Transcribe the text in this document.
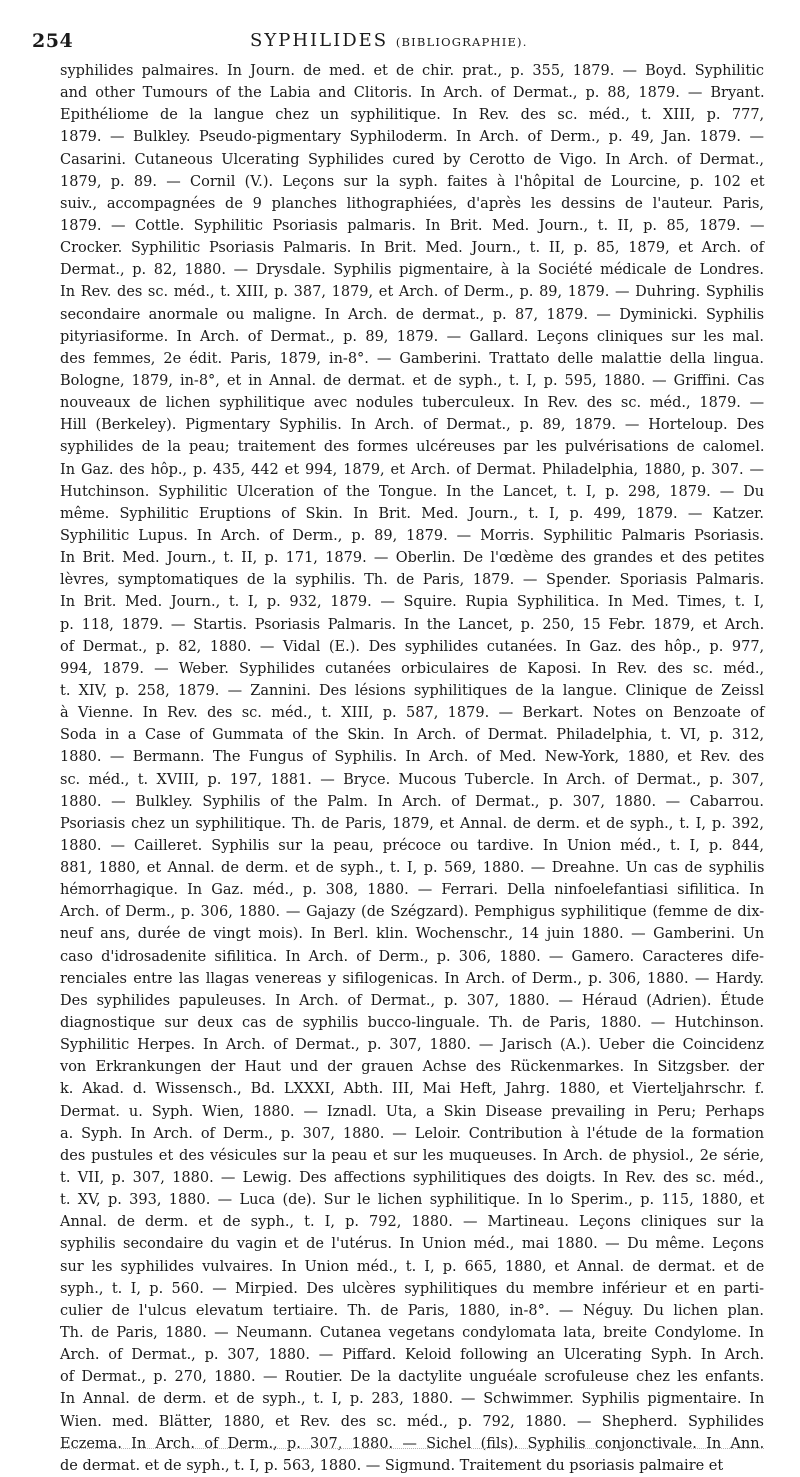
254	SYPHILIDES (BIBLIOGRAPHIE).
syphilides palmaires. In Journ. de med. et de chir. prat., p. 355, 1879. — Boyd. Syphilitic
and other Tumours of the Labia and Clitoris. In Arch. of Dermat., p. 88, 1879. — Bryant.
Epithéliome de la langue chez un syphilitique. In Rev. des sc. méd., t. XIII, p. 777,
1879. — Bulkley. Pseudo-pigmentary Syphiloderm. In Arch. of Derm., p. 49, Jan. 1879. —
Casarini. Cutaneous Ulcerating Syphilides cured by Cerotto de Vigo. In Arch. of Dermat.,
1879, p. 89. — Cornil (V.). Leçons sur la syph. faites à l'hôpital de Lourcine, p. 102 et
suiv., accompagnées de 9 planches lithographiées, d'après les dessins de l'auteur. Paris,
1879. — Cottle. Syphilitic Psoriasis palmaris. In Brit. Med. Journ., t. II, p. 85, 1879. —
Crocker. Syphilitic Psoriasis Palmaris. In Brit. Med. Journ., t. II, p. 85, 1879, et Arch. of
Dermat., p. 82, 1880. — Drysdale. Syphilis pigmentaire, à la Société médicale de Londres.
In Rev. des sc. méd., t. XIII, p. 387, 1879, et Arch. of Derm., p. 89, 1879. — Duhring. Syphilis
secondaire anormale ou maligne. In Arch. de dermat., p. 87, 1879. — Dyminicki. Syphilis
pityriasiforme. In Arch. of Dermat., p. 89, 1879. — Gallard. Leçons cliniques sur les mal.
des femmes, 2e édit. Paris, 1879, in-8°. — Gamberini. Trattato delle malattie della lingua.
Bologne, 1879, in-8°, et in Annal. de dermat. et de syph., t. I, p. 595, 1880. — Griffini. Cas
nouveaux de lichen syphilitique avec nodules tuberculeux. In Rev. des sc. méd., 1879. —
Hill (Berkeley). Pigmentary Syphilis. In Arch. of Dermat., p. 89, 1879. — Horteloup. Des
syphilides de la peau; traitement des formes ulcéreuses par les pulvérisations de calomel.
In Gaz. des hôp., p. 435, 442 et 994, 1879, et Arch. of Dermat. Philadelphia, 1880, p. 307. —
Hutchinson. Syphilitic Ulceration of the Tongue. In the Lancet, t. I, p. 298, 1879. — Du
même. Syphilitic Eruptions of Skin. In Brit. Med. Journ., t. I, p. 499, 1879. — Katzer.
Syphilitic Lupus. In Arch. of Derm., p. 89, 1879. — Morris. Syphilitic Palmaris Psoriasis.
In Brit. Med. Journ., t. II, p. 171, 1879. — Oberlin. De l'œdème des grandes et des petites
lèvres, symptomatiques de la syphilis. Th. de Paris, 1879. — Spender. Sporiasis Palmaris.
In Brit. Med. Journ., t. I, p. 932, 1879. — Squire. Rupia Syphilitica. In Med. Times, t. I,
p. 118, 1879. — Startis. Psoriasis Palmaris. In the Lancet, p. 250, 15 Febr. 1879, et Arch.
of Dermat., p. 82, 1880. — Vidal (E.). Des syphilides cutanées. In Gaz. des hôp., p. 977,
994, 1879. — Weber. Syphilides cutanées orbiculaires de Kaposi. In Rev. des sc. méd.,
t. XIV, p. 258, 1879. — Zannini. Des lésions syphilitiques de la langue. Clinique de Zeissl
à Vienne. In Rev. des sc. méd., t. XIII, p. 587, 1879. — Berkart. Notes on Benzoate of
Soda in a Case of Gummata of the Skin. In Arch. of Dermat. Philadelphia, t. VI, p. 312,
1880. — Bermann. The Fungus of Syphilis. In Arch. of Med. New-York, 1880, et Rev. des
sc. méd., t. XVIII, p. 197, 1881. — Bryce. Mucous Tubercle. In Arch. of Dermat., p. 307,
1880. — Bulkley. Syphilis of the Palm. In Arch. of Dermat., p. 307, 1880. — Cabarrou.
Psoriasis chez un syphilitique. Th. de Paris, 1879, et Annal. de derm. et de syph., t. I, p. 392,
1880. — Cailleret. Syphilis sur la peau, précoce ou tardive. In Union méd., t. I, p. 844,
881, 1880, et Annal. de derm. et de syph., t. I, p. 569, 1880. — Dreahne. Un cas de syphilis
hémorrhagique. In Gaz. méd., p. 308, 1880. — Ferrari. Della ninfoelefantiasi sifilitica. In
Arch. of Derm., p. 306, 1880. — Gajazy (de Szégzard). Pemphigus syphilitique (femme de dix-
neuf ans, durée de vingt mois). In Berl. klin. Wochenschr., 14 juin 1880. — Gamberini. Un
caso d'idrosadenite sifilitica. In Arch. of Derm., p. 306, 1880. — Gamero. Caracteres dife-
renciales entre las llagas venereas y sifilogenicas. In Arch. of Derm., p. 306, 1880. — Hardy.
Des syphilides papuleuses. In Arch. of Dermat., p. 307, 1880. — Héraud (Adrien). Étude
diagnostique sur deux cas de syphilis bucco-linguale. Th. de Paris, 1880. — Hutchinson.
Syphilitic Herpes. In Arch. of Dermat., p. 307, 1880. — Jarisch (A.). Ueber die Coincidenz
von Erkrankungen der Haut und der grauen Achse des Rückenmarkes. In Sitzgsber. der
k. Akad. d. Wissensch., Bd. LXXXI, Abth. III, Mai Heft, Jahrg. 1880, et Vierteljahrschr. f.
Dermat. u. Syph. Wien, 1880. — Iznadl. Uta, a Skin Disease prevailing in Peru; Perhaps
a. Syph. In Arch. of Derm., p. 307, 1880. — Leloir. Contribution à l'étude de la formation
des pustules et des vésicules sur la peau et sur les muqueuses. In Arch. de physiol., 2e série,
t. VII, p. 307, 1880. — Lewig. Des affections syphilitiques des doigts. In Rev. des sc. méd.,
t. XV, p. 393, 1880. — Luca (de). Sur le lichen syphilitique. In lo Sperim., p. 115, 1880, et
Annal. de derm. et de syph., t. I, p. 792, 1880. — Martineau. Leçons cliniques sur la
syphilis secondaire du vagin et de l'utérus. In Union méd., mai 1880. — Du même. Leçons
sur les syphilides vulvaires. In Union méd., t. I, p. 665, 1880, et Annal. de dermat. et de
syph., t. I, p. 560. — Mirpied. Des ulcères syphilitiques du membre inférieur et en parti-
culier de l'ulcus elevatum tertiaire. Th. de Paris, 1880, in-8°. — Néguy. Du lichen plan.
Th. de Paris, 1880. — Neumann. Cutanea vegetans condylomata lata, breite Condylome. In
Arch. of Dermat., p. 307, 1880. — Piffard. Keloid following an Ulcerating Syph. In Arch.
of Dermat., p. 270, 1880. — Routier. De la dactylite unguéale scrofuleuse chez les enfants.
In Annal. de derm. et de syph., t. I, p. 283, 1880. — Schwimmer. Syphilis pigmentaire. In
Wien. med. Blätter, 1880, et Rev. des sc. méd., p. 792, 1880. — Shepherd. Syphilides
Eczema. In Arch. of Derm., p. 307, 1880. — Sichel (fils). Syphilis conjonctivale. In Ann.
de dermat. et de syph., t. I, p. 563, 1880. — Sigmund. Traitement du psoriasis palmaire et
